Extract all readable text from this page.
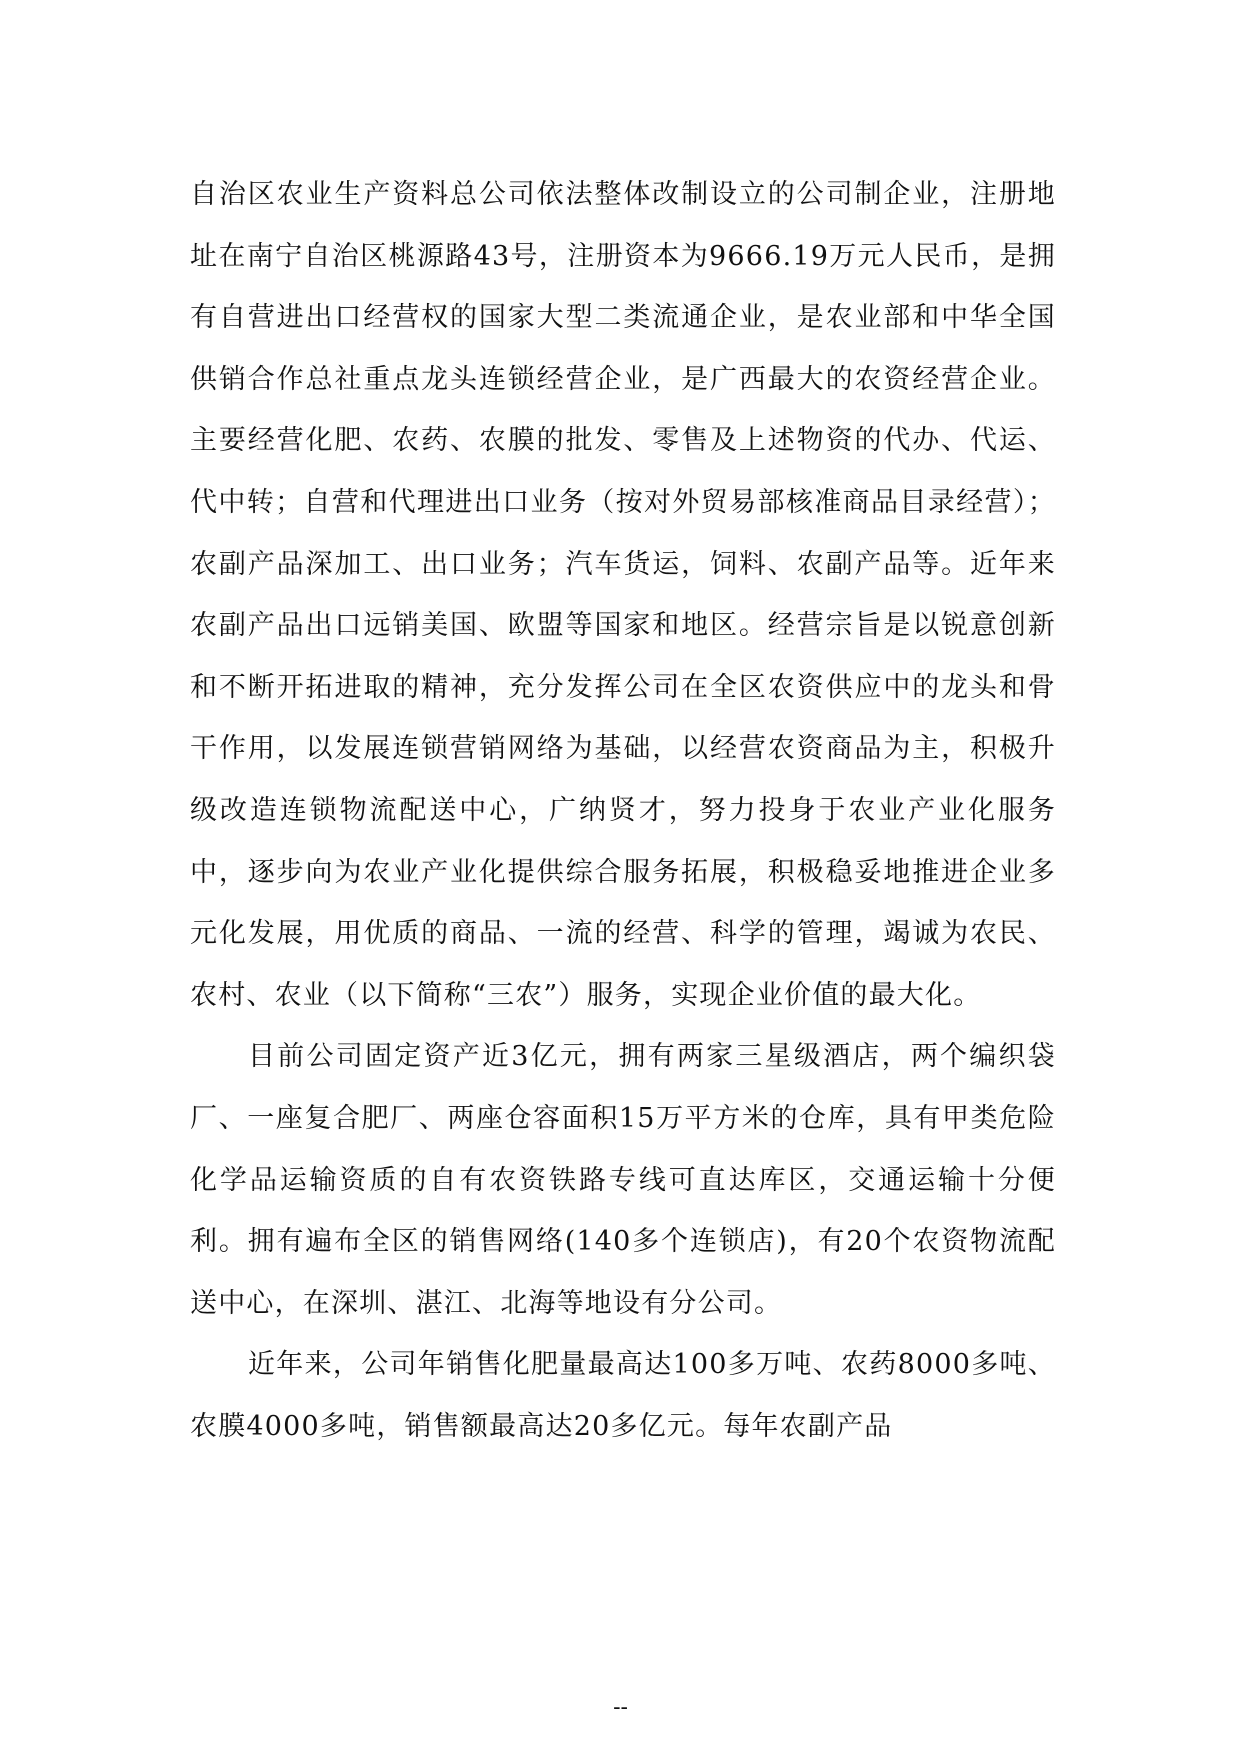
自治区农业生产资料总公司依法整体改制设立的公司制企业，注册地址在南宁自治区桃源路43号，注册资本为9666.19万元人民币，是拥有自营进出口经营权的国家大型二类流通企业，是农业部和中华全国供销合作总社重点龙头连锁经营企业，是广西最大的农资经营企业。主要经营化肥、农药、农膜的批发、零售及上述物资的代办、代运、代中转；自营和代理进出口业务（按对外贸易部核准商品目录经营）；农副产品深加工、出口业务；汽车货运，饲料、农副产品等。近年来农副产品出口远销美国、欧盟等国家和地区。经营宗旨是以锐意创新和不断开拓进取的精神，充分发挥公司在全区农资供应中的龙头和骨干作用，以发展连锁营销网络为基础，以经营农资商品为主，积极升级改造连锁物流配送中心，广纳贤才，努力投身于农业产业化服务中，逐步向为农业产业化提供综合服务拓展，积极稳妥地推进企业多元化发展，用优质的商品、一流的经营、科学的管理，竭诚为农民、农村、农业（以下简称“三农”）服务，实现企业价值的最大化。

目前公司固定资产近3亿元，拥有两家三星级酒店，两个编织袋厂、一座复合肥厂、两座仓容面积15万平方米的仓库，具有甲类危险化学品运输资质的自有农资铁路专线可直达库区，交通运输十分便利。拥有遍布全区的销售网络(140多个连锁店)，有20个农资物流配送中心，在深圳、湛江、北海等地设有分公司。

近年来，公司年销售化肥量最高达100多万吨、农药8000多吨、农膜4000多吨，销售额最高达20多亿元。每年农副产品

--
